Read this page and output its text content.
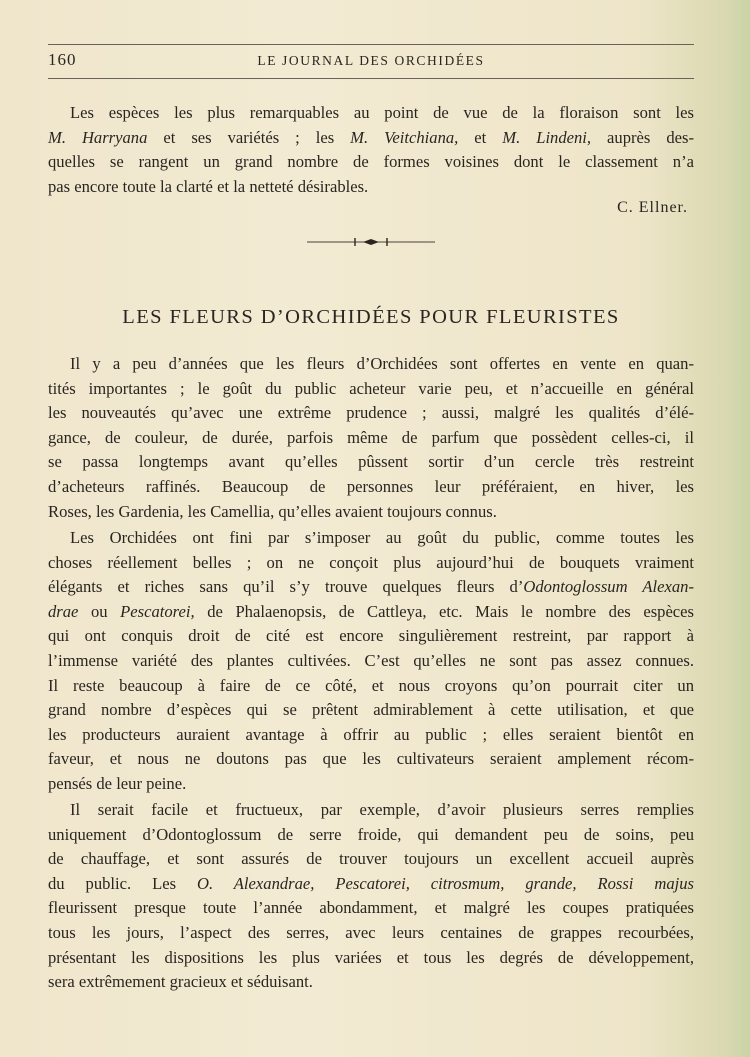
160	LE JOURNAL DES ORCHIDÉES
Les espèces les plus remarquables au point de vue de la floraison sont les
M. Harryana et ses variétés ; les M. Veitchiana, et M. Lindeni, auprès des-
quelles se rangent un grand nombre de formes voisines dont le classement n’a
pas encore toute la clarté et la netteté désirables.
C. Ellner.
LES FLEURS D’ORCHIDÉES POUR FLEURISTES
Il y a peu d’années que les fleurs d’Orchidées sont offertes en vente en quan-
tités importantes ; le goût du public acheteur varie peu, et n’accueille en général
les nouveautés qu’avec une extrême prudence ; aussi, malgré les qualités d’élé-
gance, de couleur, de durée, parfois même de parfum que possèdent celles-ci, il
se passa longtemps avant qu’elles pûssent sortir d’un cercle très restreint
d’acheteurs raffinés. Beaucoup de personnes leur préféraient, en hiver, les
Roses, les Gardenia, les Camellia, qu’elles avaient toujours connus.
Les Orchidées ont fini par s’imposer au goût du public, comme toutes les
choses réellement belles ; on ne conçoit plus aujourd’hui de bouquets vraiment
élégants et riches sans qu’il s’y trouve quelques fleurs d’Odontoglossum Alexan-
drae ou Pescatorei, de Phalaenopsis, de Cattleya, etc. Mais le nombre des espèces
qui ont conquis droit de cité est encore singulièrement restreint, par rapport à
l’immense variété des plantes cultivées. C’est qu’elles ne sont pas assez connues.
Il reste beaucoup à faire de ce côté, et nous croyons qu’on pourrait citer un
grand nombre d’espèces qui se prêtent admirablement à cette utilisation, et que
les producteurs auraient avantage à offrir au public ; elles seraient bientôt en
faveur, et nous ne doutons pas que les cultivateurs seraient amplement récom-
pensés de leur peine.
Il serait facile et fructueux, par exemple, d’avoir plusieurs serres remplies
uniquement d’Odontoglossum de serre froide, qui demandent peu de soins, peu
de chauffage, et sont assurés de trouver toujours un excellent accueil auprès
du public. Les O. Alexandrae, Pescatorei, citrosmum, grande, Rossi majus
fleurissent presque toute l’année abondamment, et malgré les coupes pratiquées
tous les jours, l’aspect des serres, avec leurs centaines de grappes recourbées,
présentant les dispositions les plus variées et tous les degrés de développement,
sera extrêmement gracieux et séduisant.
